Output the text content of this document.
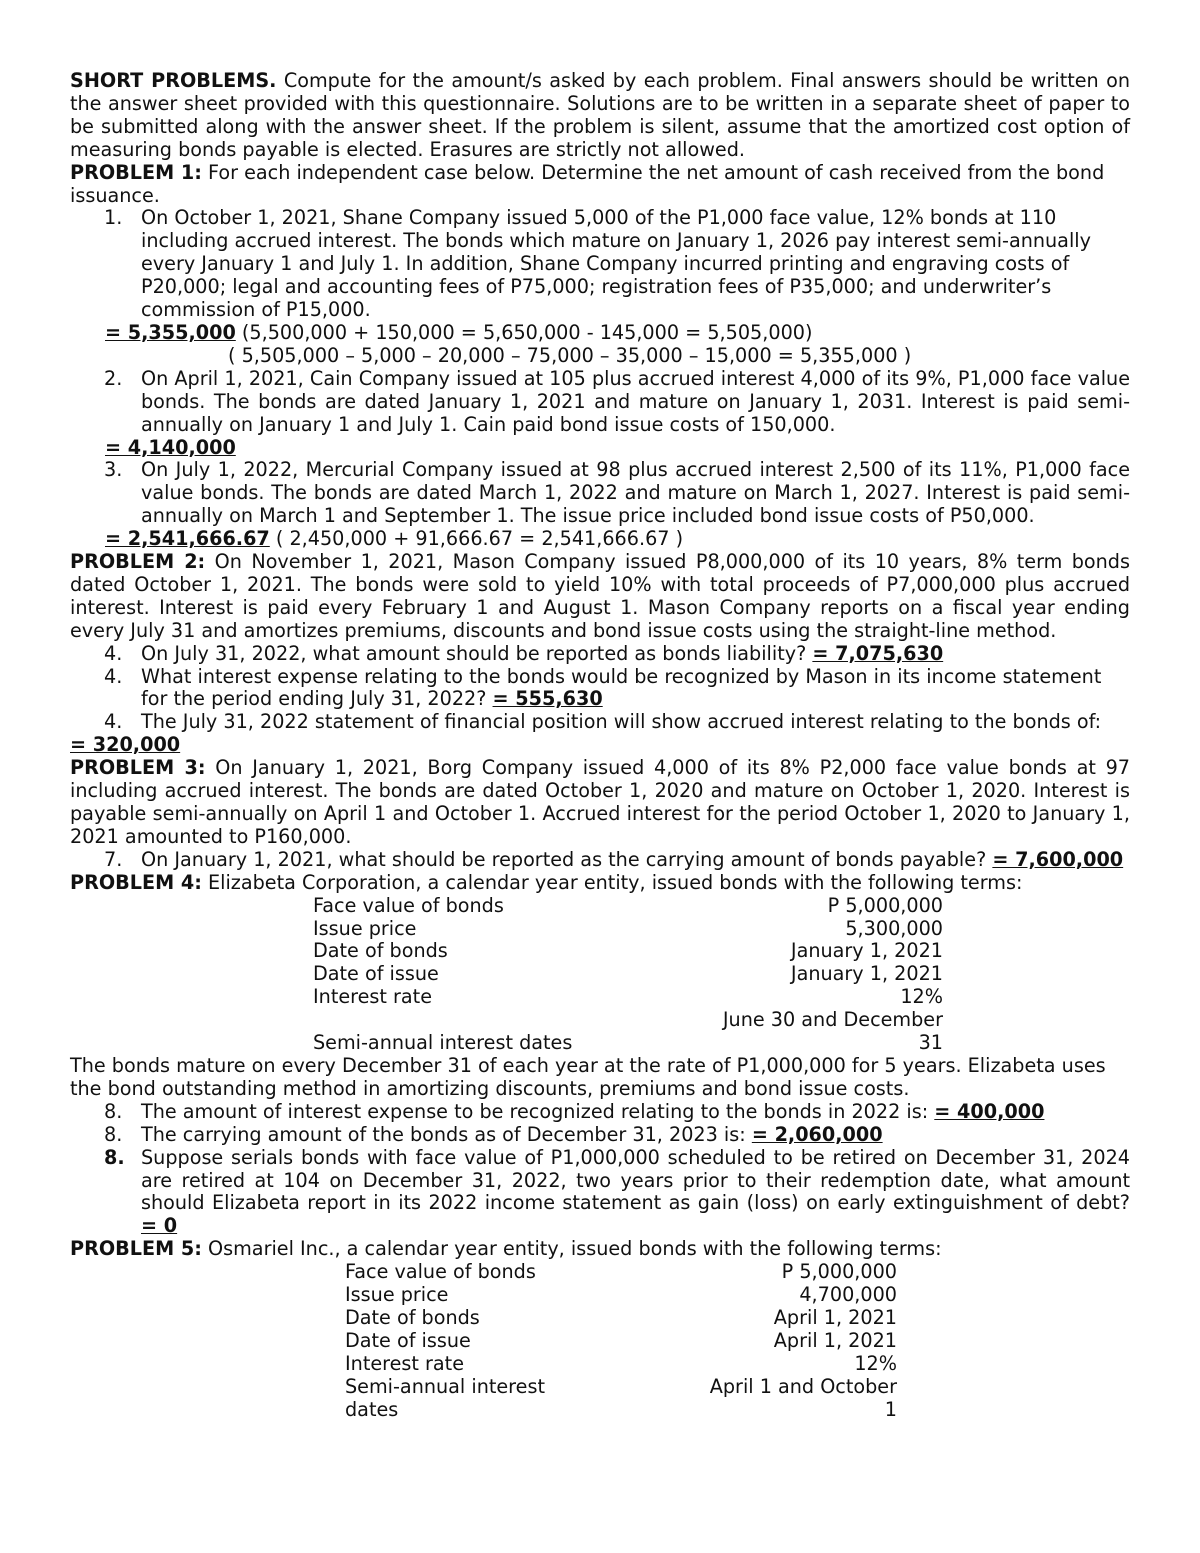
SHORT PROBLEMS. Compute for the amount/s asked by each problem. Final answers should be written on the answer sheet provided with this questionnaire. Solutions are to be written in a separate sheet of paper to be submitted along with the answer sheet. If the problem is silent, assume that the amortized cost option of measuring bonds payable is elected. Erasures are strictly not allowed.

PROBLEM 1: For each independent case below. Determine the net amount of cash received from the bond issuance.

1. On October 1, 2021, Shane Company issued 5,000 of the P1,000 face value, 12% bonds at 110 including accrued interest. The bonds which mature on January 1, 2026 pay interest semi-annually every January 1 and July 1. In addition, Shane Company incurred printing and engraving costs of P20,000; legal and accounting fees of P75,000; registration fees of P35,000; and underwriter’s commission of P15,000.

= 5,355,000 (5,500,000 + 150,000 = 5,650,000 - 145,000 = 5,505,000)

( 5,505,000 – 5,000 – 20,000 – 75,000 – 35,000 – 15,000 = 5,355,000 )

2. On April 1, 2021, Cain Company issued at 105 plus accrued interest 4,000 of its 9%, P1,000 face value bonds. The bonds are dated January 1, 2021 and mature on January 1, 2031. Interest is paid semi-annually on January 1 and July 1. Cain paid bond issue costs of 150,000.

= 4,140,000

3. On July 1, 2022, Mercurial Company issued at 98 plus accrued interest 2,500 of its 11%, P1,000 face value bonds. The bonds are dated March 1, 2022 and mature on March 1, 2027. Interest is paid semi-annually on March 1 and September 1. The issue price included bond issue costs of P50,000.

= 2,541,666.67 ( 2,450,000 + 91,666.67 = 2,541,666.67 )

PROBLEM 2: On November 1, 2021, Mason Company issued P8,000,000 of its 10 years, 8% term bonds dated October 1, 2021. The bonds were sold to yield 10% with total proceeds of P7,000,000 plus accrued interest. Interest is paid every February 1 and August 1. Mason Company reports on a fiscal year ending every July 31 and amortizes premiums, discounts and bond issue costs using the straight-line method.

4. On July 31, 2022, what amount should be reported as bonds liability? = 7,075,630
4. What interest expense relating to the bonds would be recognized by Mason in its income statement for the period ending July 31, 2022? = 555,630
4. The July 31, 2022 statement of financial position will show accrued interest relating to the bonds of:

= 320,000

PROBLEM 3: On January 1, 2021, Borg Company issued 4,000 of its 8% P2,000 face value bonds at 97 including accrued interest. The bonds are dated October 1, 2020 and mature on October 1, 2020. Interest is payable semi-annually on April 1 and October 1. Accrued interest for the period October 1, 2020 to January 1, 2021 amounted to P160,000.

7. On January 1, 2021, what should be reported as the carrying amount of bonds payable? = 7,600,000

PROBLEM 4: Elizabeta Corporation, a calendar year entity, issued bonds with the following terms:

Face value of bonds	P 5,000,000
Issue price	5,300,000
Date of bonds	January 1, 2021
Date of issue	January 1, 2021
Interest rate	12%
	June 30 and December
Semi-annual interest dates	31

The bonds mature on every December 31 of each year at the rate of P1,000,000 for 5 years. Elizabeta uses the bond outstanding method in amortizing discounts, premiums and bond issue costs.

8. The amount of interest expense to be recognized relating to the bonds in 2022 is: = 400,000
8. The carrying amount of the bonds as of December 31, 2023 is: = 2,060,000
8. Suppose serials bonds with face value of P1,000,000 scheduled to be retired on December 31, 2024 are retired at 104 on December 31, 2022, two years prior to their redemption date, what amount should Elizabeta report in its 2022 income statement as gain (loss) on early extinguishment of debt? = 0

PROBLEM 5: Osmariel Inc., a calendar year entity, issued bonds with the following terms:

Face value of bonds	P 5,000,000
Issue price	4,700,000
Date of bonds	April 1, 2021
Date of issue	April 1, 2021
Interest rate	12%
Semi-annual interest	April 1 and October
dates	1
